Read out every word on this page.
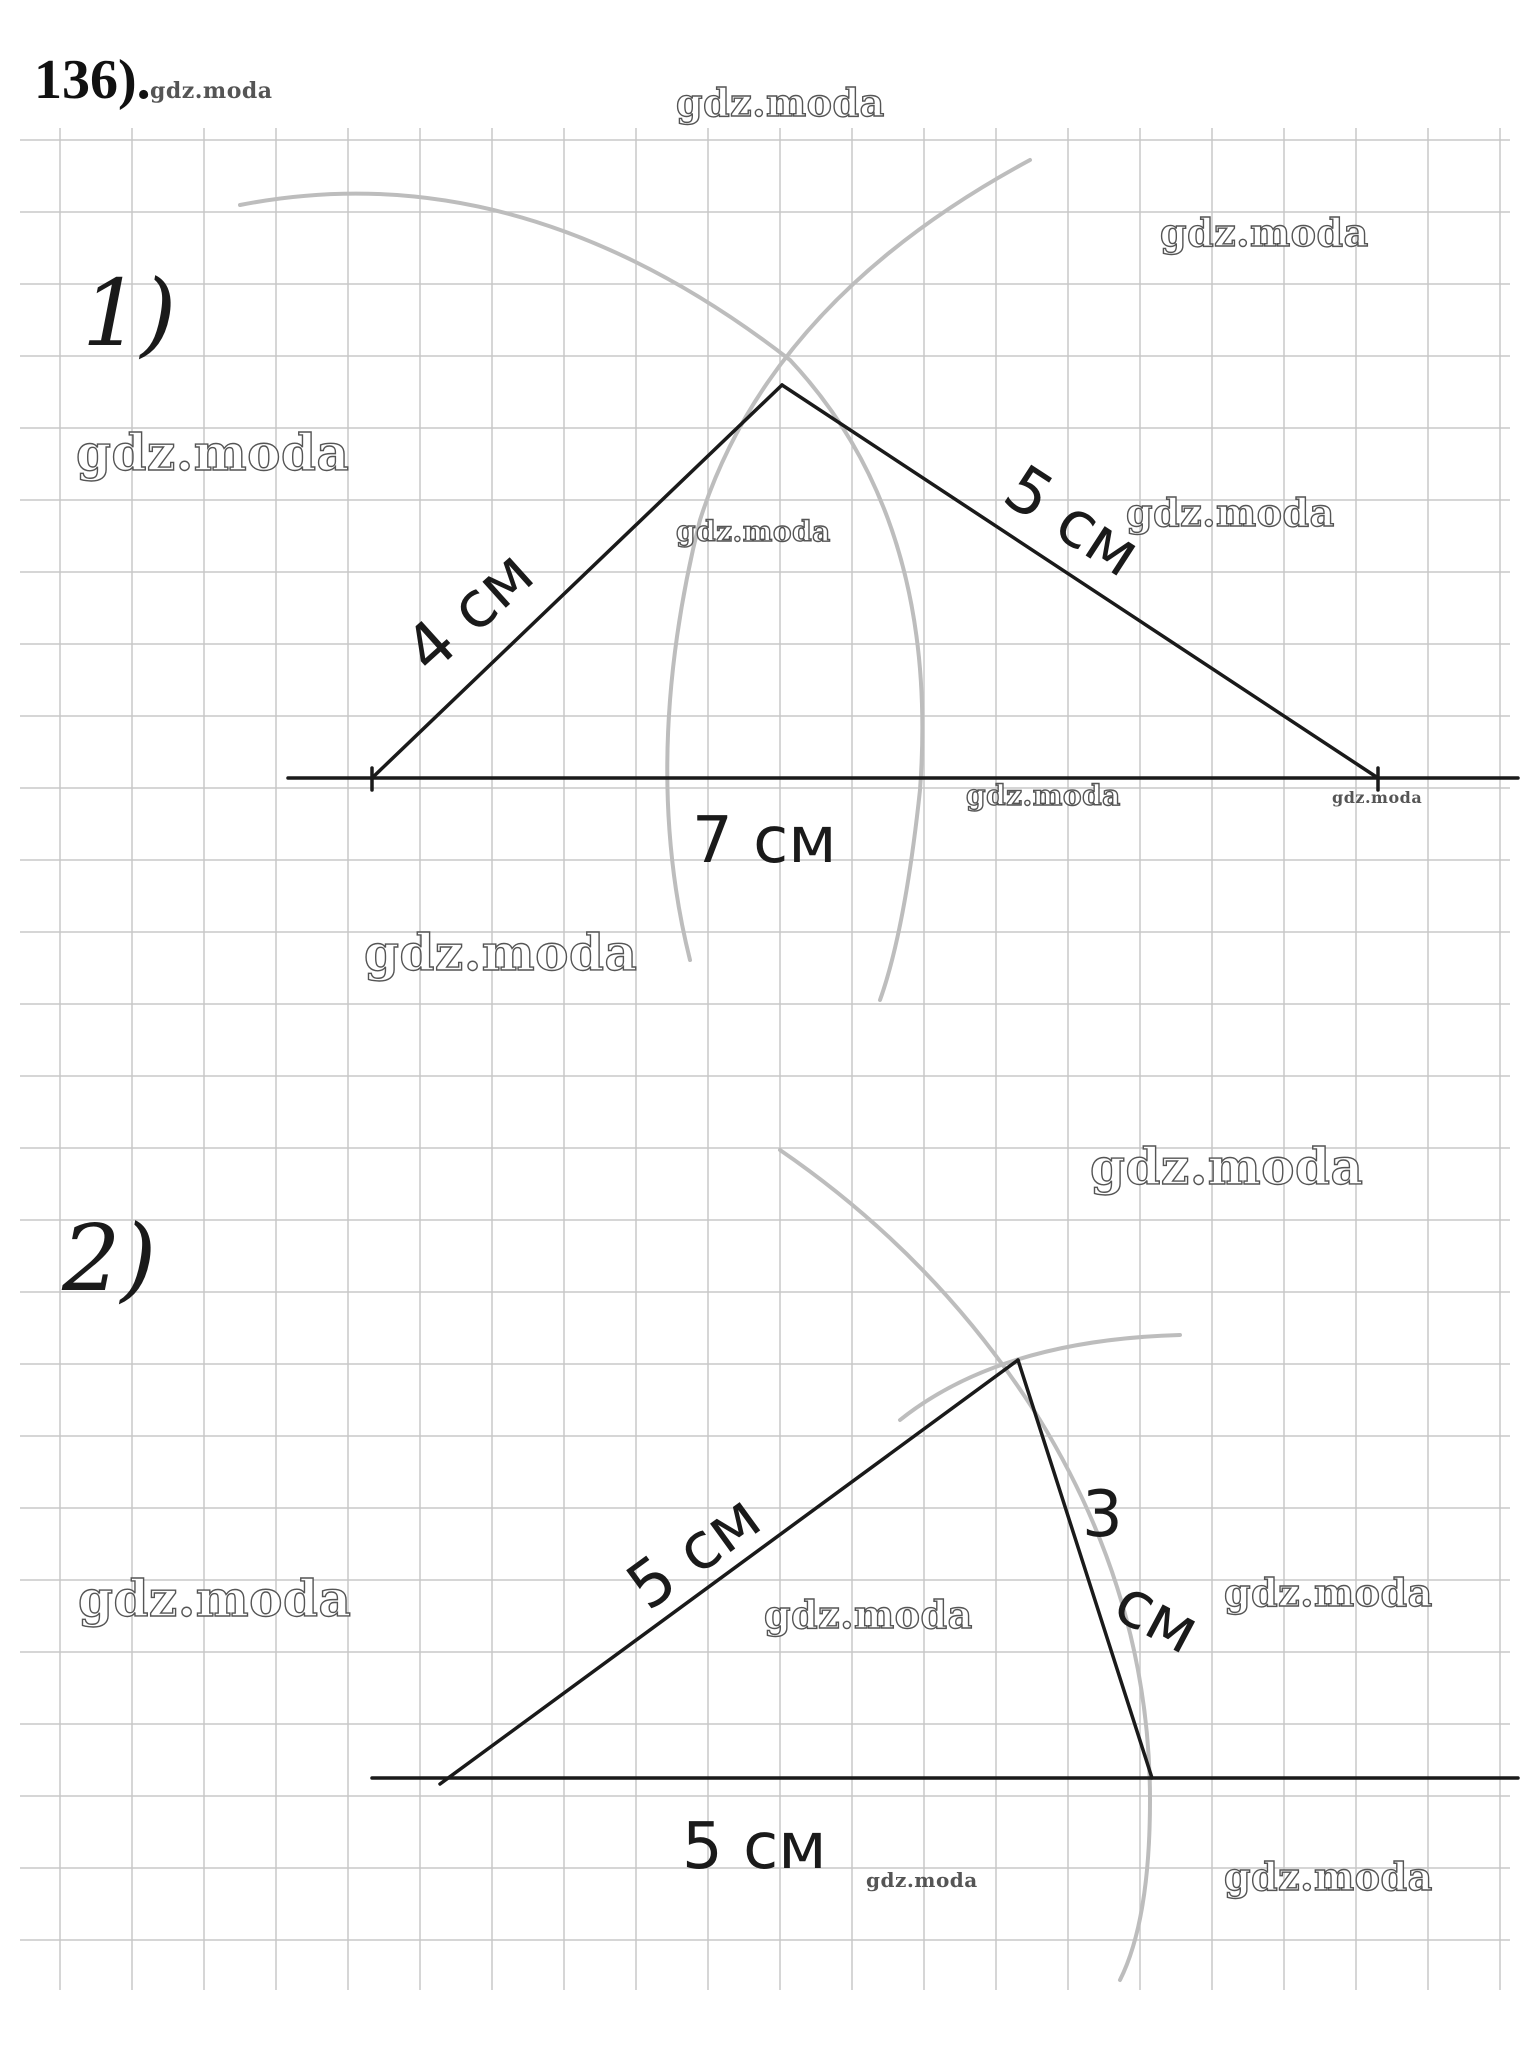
1)
2)
4 см
5 см
7 см
5 см	3
см
5 см
136). gdz.moda	gdz.moda
gdz.moda
gdz.moda
gdz.moda
gdz.moda
gdz.moda	gdz.moda
gdz.moda
gdz.moda
gdz.moda	gdz.moda	gdz.moda
gdz.moda	gdz.moda
